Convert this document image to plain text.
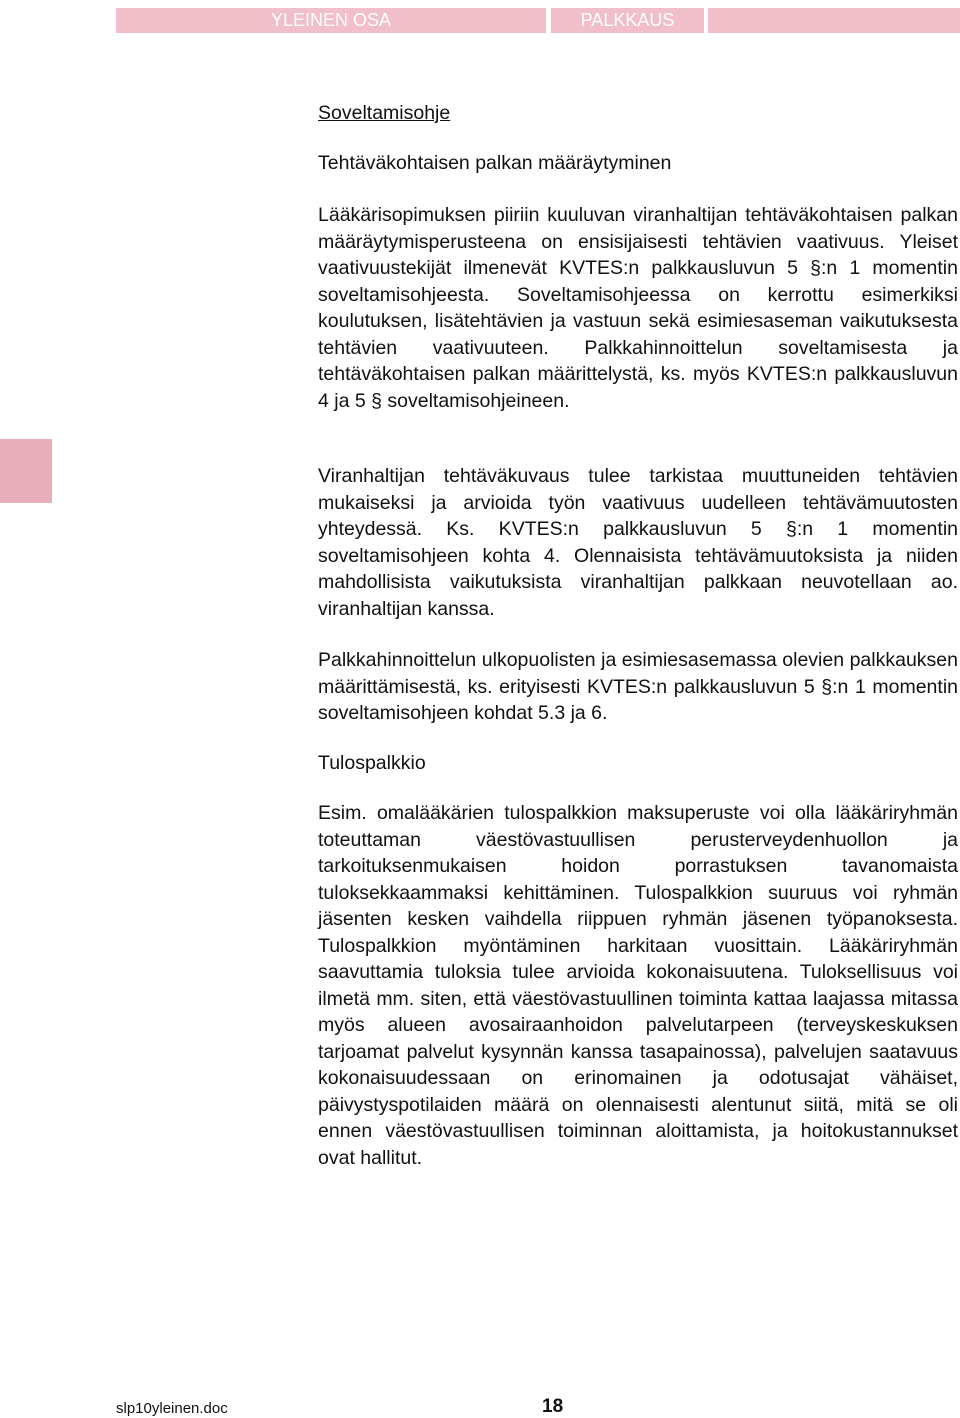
YLEINEN OSA	PALKKAUS

Soveltamisohje

Tehtäväkohtaisen palkan määräytyminen

Lääkärisopimuksen piiriin kuuluvan viranhaltijan tehtäväkohtaisen palkan määräytymisperusteena on ensisijaisesti tehtävien vaativuus. Yleiset vaativuustekijät ilmenevät KVTES:n palkkausluvun 5 §:n 1 momentin soveltamisohjeesta. Soveltamisohjeessa on kerrottu esimerkiksi koulutuksen, lisätehtävien ja vastuun sekä esimiesaseman vaikutuksesta tehtävien vaativuuteen. Palkkahinnoittelun soveltamisesta ja tehtäväkohtaisen palkan määrittelystä, ks. myös KVTES:n palkkausluvun 4 ja 5 § soveltamisohjeineen.

Viranhaltijan tehtäväkuvaus tulee tarkistaa muuttuneiden tehtävien mukaiseksi ja arvioida työn vaativuus uudelleen tehtävämuutosten yhteydessä. Ks. KVTES:n palkkausluvun 5 §:n 1 momentin soveltamisohjeen kohta 4. Olennaisista tehtävämuutoksista ja niiden mahdollisista vaikutuksista viranhaltijan palkkaan neuvotellaan ao. viranhaltijan kanssa.

Palkkahinnoittelun ulkopuolisten ja esimiesasemassa olevien palkkauksen määrittämisestä, ks. erityisesti KVTES:n palkkausluvun 5 §:n 1 momentin soveltamisohjeen kohdat 5.3 ja 6.

Tulospalkkio

Esim. omalääkärien tulospalkkion maksuperuste voi olla lääkäriryhmän toteuttaman väestövastuullisen perusterveydenhuollon ja tarkoituksenmukaisen hoidon porrastuksen tavanomaista tuloksekkaammaksi kehittäminen. Tulospalkkion suuruus voi ryhmän jäsenten kesken vaihdella riippuen ryhmän jäsenen työpanoksesta. Tulospalkkion myöntäminen harkitaan vuosittain. Lääkäriryhmän saavuttamia tuloksia tulee arvioida kokonaisuutena. Tuloksellisuus voi ilmetä mm. siten, että väestövastuullinen toiminta kattaa laajassa mitassa myös alueen avosairaanhoidon palvelutarpeen (terveyskeskuksen tarjoamat palvelut kysynnän kanssa tasapainossa), palvelujen saatavuus kokonaisuudessaan on erinomainen ja odotusajat vähäiset, päivystyspotilaiden määrä on olennaisesti alentunut siitä, mitä se oli ennen väestövastuullisen toiminnan aloittamista, ja hoitokustannukset ovat hallitut.

slp10yleinen.doc	18
